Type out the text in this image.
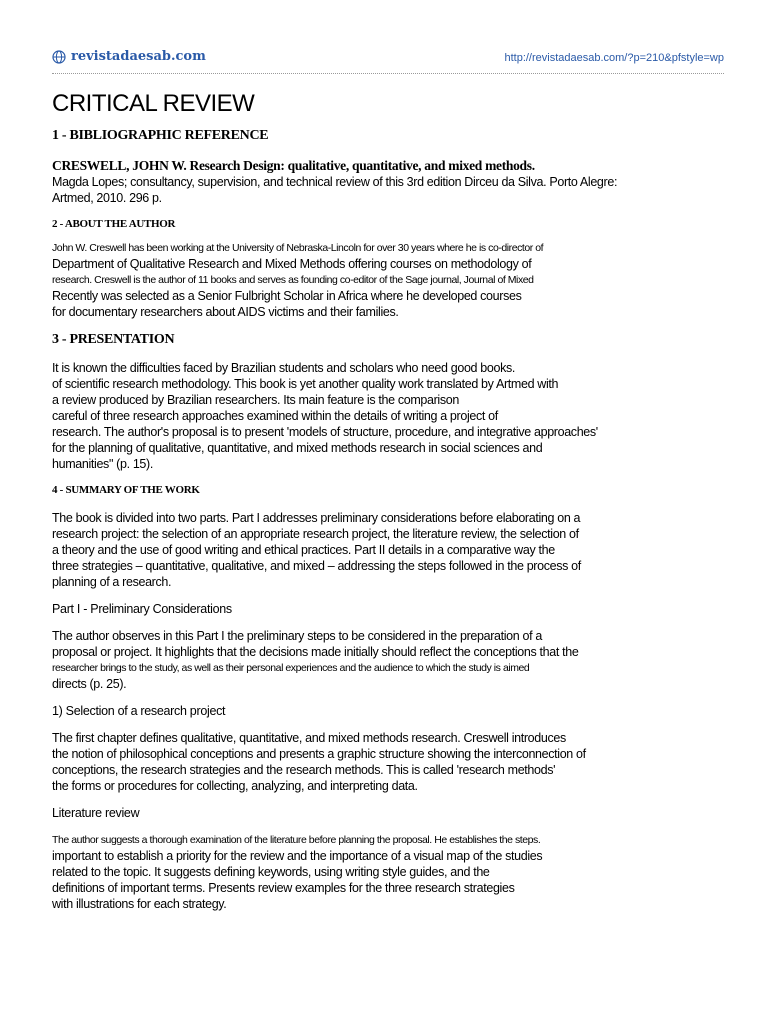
revistadaesab.com	http://revistadaesab.com/?p=210&pfstyle=wp
CRITICAL REVIEW
1 - BIBLIOGRAPHIC REFERENCE

CRESWELL, JOHN W. Research Design: qualitative, quantitative, and mixed methods.

Magda Lopes; consultancy, supervision, and technical review of this 3rd edition Dirceu da Silva. Porto Alegre:

Artmed, 2010. 296 p.

2 - ABOUT THE AUTHOR

John W. Creswell has been working at the University of Nebraska-Lincoln for over 30 years where he is co-director of

Department of Qualitative Research and Mixed Methods offering courses on methodology of

research. Creswell is the author of 11 books and serves as founding co-editor of the Sage journal, Journal of Mixed

Recently was selected as a Senior Fulbright Scholar in Africa where he developed courses

for documentary researchers about AIDS victims and their families.

3 - PRESENTATION

It is known the difficulties faced by Brazilian students and scholars who need good books.

of scientific research methodology. This book is yet another quality work translated by Artmed with

a review produced by Brazilian researchers. Its main feature is the comparison

careful of three research approaches examined within the details of writing a project of

research. The author's proposal is to present 'models of structure, procedure, and integrative approaches'

for the planning of qualitative, quantitative, and mixed methods research in social sciences and

humanities" (p. 15).

4 - SUMMARY OF THE WORK

The book is divided into two parts. Part I addresses preliminary considerations before elaborating on a

research project: the selection of an appropriate research project, the literature review, the selection of

a theory and the use of good writing and ethical practices. Part II details in a comparative way the

three strategies – quantitative, qualitative, and mixed – addressing the steps followed in the process of

planning of a research.

Part I - Preliminary Considerations

The author observes in this Part I the preliminary steps to be considered in the preparation of a

proposal or project. It highlights that the decisions made initially should reflect the conceptions that the

researcher brings to the study, as well as their personal experiences and the audience to which the study is aimed

directs (p. 25).

1) Selection of a research project

The first chapter defines qualitative, quantitative, and mixed methods research. Creswell introduces

the notion of philosophical conceptions and presents a graphic structure showing the interconnection of

conceptions, the research strategies and the research methods. This is called 'research methods'

the forms or procedures for collecting, analyzing, and interpreting data.

Literature review

The author suggests a thorough examination of the literature before planning the proposal. He establishes the steps.

important to establish a priority for the review and the importance of a visual map of the studies

related to the topic. It suggests defining keywords, using writing style guides, and the

definitions of important terms. Presents review examples for the three research strategies

with illustrations for each strategy.
